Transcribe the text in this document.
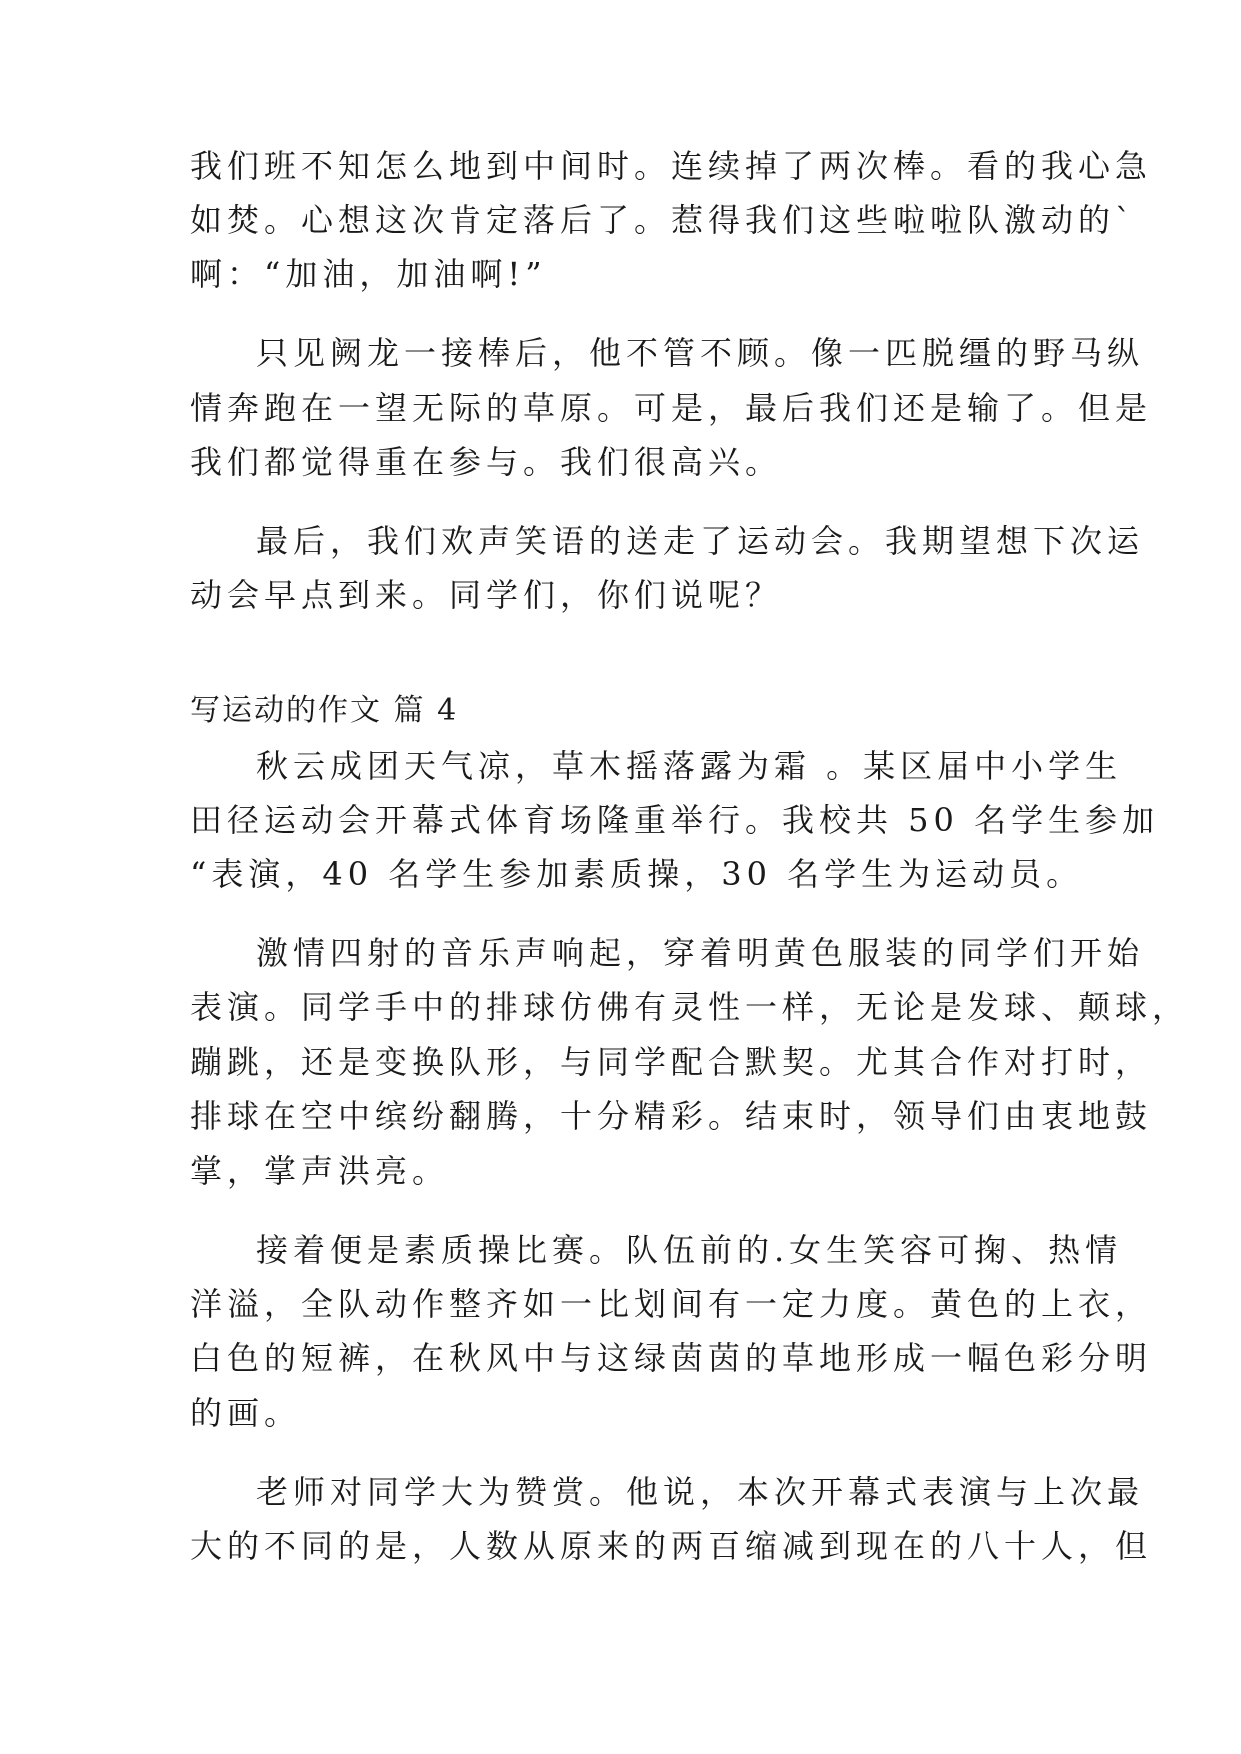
我们班不知怎么地到中间时。连续掉了两次棒。看的我心急
如焚。心想这次肯定落后了。惹得我们这些啦啦队激动的`
啊：“加油，加油啊!”
只见阙龙一接棒后，他不管不顾。像一匹脱缰的野马纵
情奔跑在一望无际的草原。可是，最后我们还是输了。但是
我们都觉得重在参与。我们很高兴。
最后，我们欢声笑语的送走了运动会。我期望想下次运
动会早点到来。同学们，你们说呢？
写运动的作文 篇 4
秋云成团天气凉，草木摇落露为霜 。某区届中小学生
田径运动会开幕式体育场隆重举行。我校共 50 名学生参加
“表演，40 名学生参加素质操，30 名学生为运动员。
激情四射的音乐声响起，穿着明黄色服装的同学们开始
表演。同学手中的排球仿佛有灵性一样，无论是发球、颠球，
蹦跳，还是变换队形，与同学配合默契。尤其合作对打时，
排球在空中缤纷翻腾，十分精彩。结束时，领导们由衷地鼓
掌，掌声洪亮。
接着便是素质操比赛。队伍前的.女生笑容可掬、热情
洋溢，全队动作整齐如一比划间有一定力度。黄色的上衣，
白色的短裤，在秋风中与这绿茵茵的草地形成一幅色彩分明
的画。
老师对同学大为赞赏。他说，本次开幕式表演与上次最
大的不同的是，人数从原来的两百缩减到现在的八十人，但
